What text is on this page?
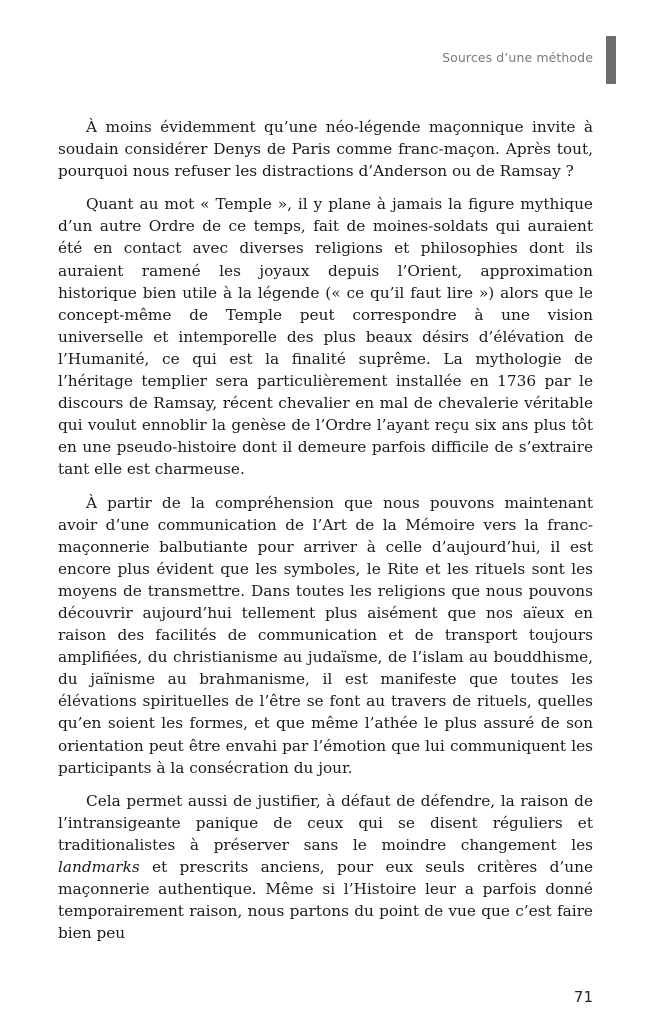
Sources d’une méthode

À moins évidemment qu’une néo-légende maçonnique invite à soudain considérer Denys de Paris comme franc-maçon. Après tout, pourquoi nous refuser les distractions d’Anderson ou de Ramsay ?

Quant au mot « Temple », il y plane à jamais la figure mythique d’un autre Ordre de ce temps, fait de moines-soldats qui auraient été en contact avec diverses religions et philosophies dont ils auraient ramené les joyaux depuis l’Orient, approximation historique bien utile à la légende (« ce qu’il faut lire ») alors que le concept-même de Temple peut correspondre à une vision universelle et intemporelle des plus beaux désirs d’élévation de l’Humanité, ce qui est la finalité suprême. La mythologie de l’héritage templier sera particulièrement installée en 1736 par le discours de Ramsay, récent chevalier en mal de chevalerie véritable qui voulut ennoblir la genèse de l’Ordre l’ayant reçu six ans plus tôt en une pseudo-histoire dont il demeure parfois difficile de s’extraire tant elle est charmeuse.

À partir de la compréhension que nous pouvons maintenant avoir d’une communication de l’Art de la Mémoire vers la franc-maçonnerie balbutiante pour arriver à celle d’aujourd’hui, il est encore plus évident que les symboles, le Rite et les rituels sont les moyens de transmettre. Dans toutes les religions que nous pouvons découvrir aujourd’hui tellement plus aisément que nos aïeux en raison des facilités de communication et de transport toujours amplifiées, du christianisme au judaïsme, de l’islam au bouddhisme, du jaïnisme au brahmanisme, il est manifeste que toutes les élévations spirituelles de l’être se font au travers de rituels, quelles qu’en soient les formes, et que même l’athée le plus assuré de son orientation peut être envahi par l’émotion que lui communiquent les participants à la consécration du jour.

Cela permet aussi de justifier, à défaut de défendre, la raison de l’intransigeante panique de ceux qui se disent réguliers et traditionalistes à préserver sans le moindre changement les landmarks et prescrits anciens, pour eux seuls critères d’une maçonnerie authentique. Même si l’Histoire leur a parfois donné temporairement raison, nous partons du point de vue que c’est faire bien peu

71
